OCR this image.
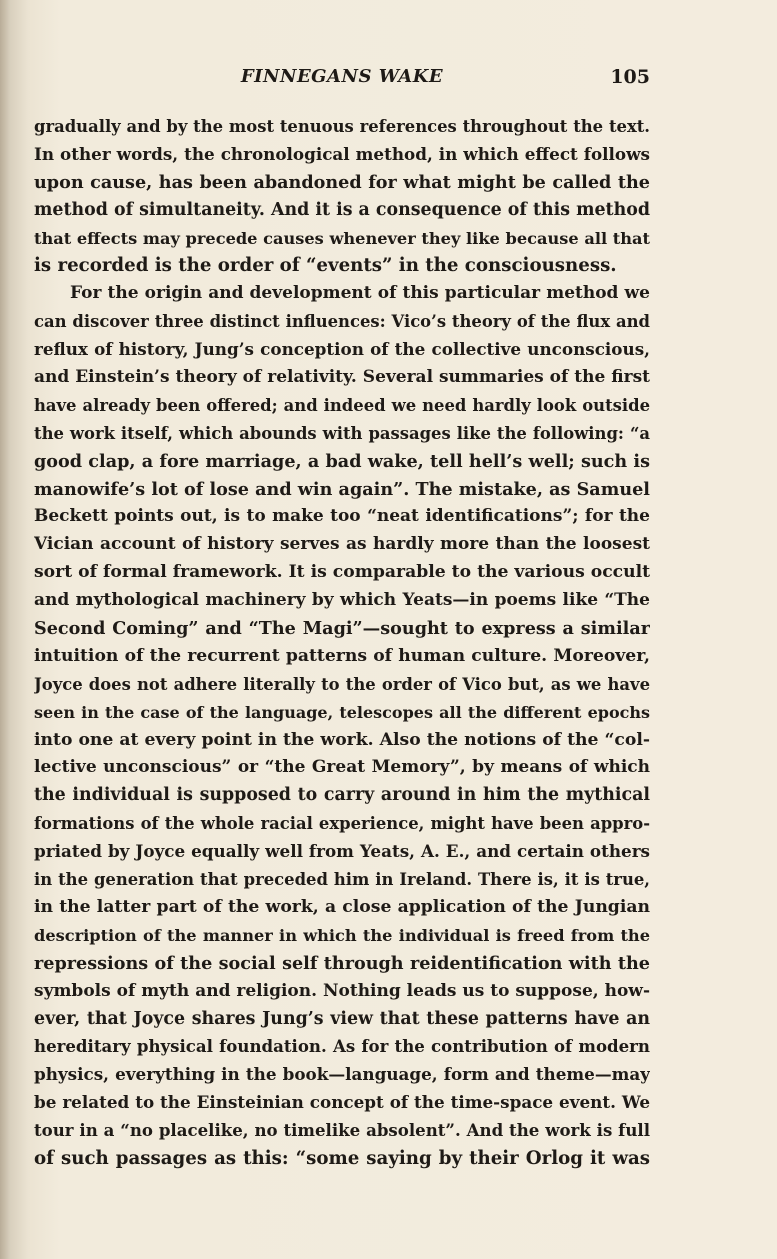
FINNEGANS WAKE	105
gradually and by the most tenuous references throughout the text.
In other words, the chronological method, in which effect follows
upon cause, has been abandoned for what might be called the
method of simultaneity. And it is a consequence of this method
that effects may precede causes whenever they like because all that
is recorded is the order of “events” in the consciousness.
For the origin and development of this particular method we
can discover three distinct influences: Vico’s theory of the flux and
reflux of history, Jung’s conception of the collective unconscious,
and Einstein’s theory of relativity. Several summaries of the first
have already been offered; and indeed we need hardly look outside
the work itself, which abounds with passages like the following: “a
good clap, a fore marriage, a bad wake, tell hell’s well; such is
manowife’s lot of lose and win again”. The mistake, as Samuel
Beckett points out, is to make too “neat identifications”; for the
Vician account of history serves as hardly more than the loosest
sort of formal framework. It is comparable to the various occult
and mythological machinery by which Yeats—in poems like “The
Second Coming” and “The Magi”—sought to express a similar
intuition of the recurrent patterns of human culture. Moreover,
Joyce does not adhere literally to the order of Vico but, as we have
seen in the case of the language, telescopes all the different epochs
into one at every point in the work. Also the notions of the “col-
lective unconscious” or “the Great Memory”, by means of which
the individual is supposed to carry around in him the mythical
formations of the whole racial experience, might have been appro-
priated by Joyce equally well from Yeats, A. E., and certain others
in the generation that preceded him in Ireland. There is, it is true,
in the latter part of the work, a close application of the Jungian
description of the manner in which the individual is freed from the
repressions of the social self through reidentification with the
symbols of myth and religion. Nothing leads us to suppose, how-
ever, that Joyce shares Jung’s view that these patterns have an
hereditary physical foundation. As for the contribution of modern
physics, everything in the book—language, form and theme—may
be related to the Einsteinian concept of the time-space event. We
tour in a “no placelike, no timelike absolent”. And the work is full
of such passages as this: “some saying by their Orlog it was
